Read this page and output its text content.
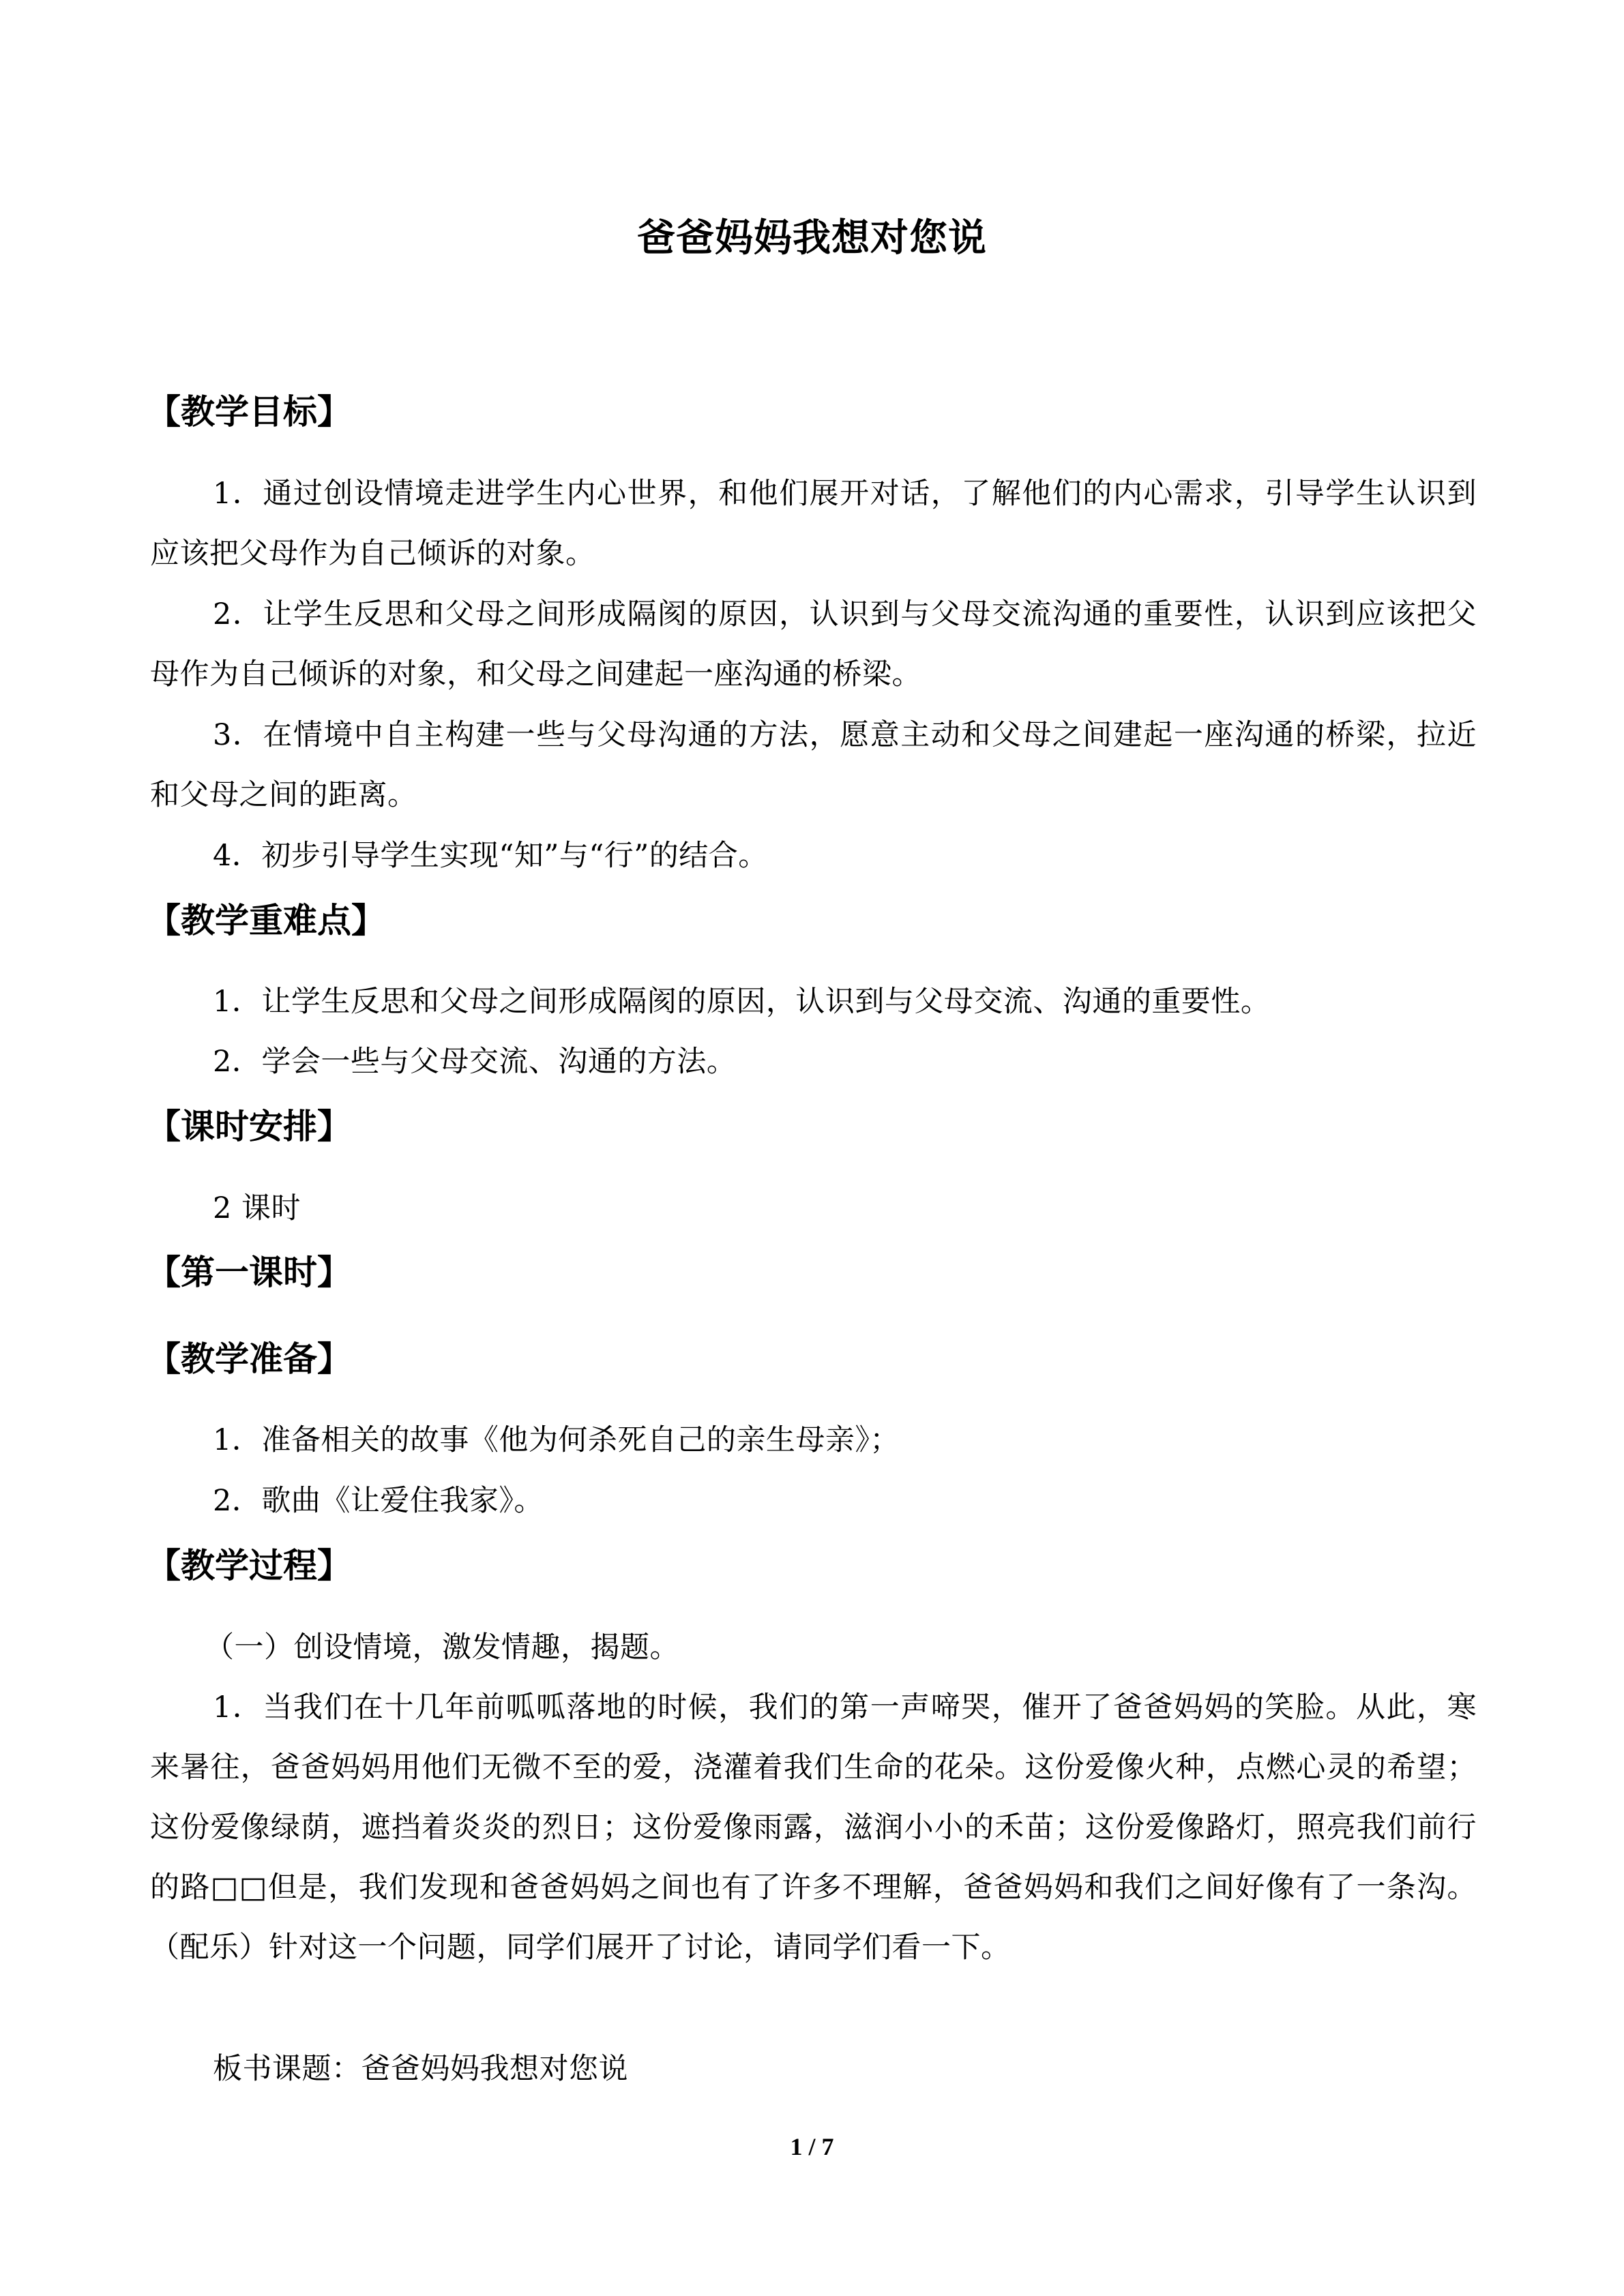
爸爸妈妈我想对您说
【教学目标】
1．通过创设情境走进学生内心世界，和他们展开对话，了解他们的内心需求，引导学生认识到应该把父母作为自己倾诉的对象。
2．让学生反思和父母之间形成隔阂的原因，认识到与父母交流沟通的重要性，认识到应该把父母作为自己倾诉的对象，和父母之间建起一座沟通的桥梁。
3．在情境中自主构建一些与父母沟通的方法，愿意主动和父母之间建起一座沟通的桥梁，拉近和父母之间的距离。
4．初步引导学生实现“知”与“行”的结合。
【教学重难点】
1．让学生反思和父母之间形成隔阂的原因，认识到与父母交流、沟通的重要性。
2．学会一些与父母交流、沟通的方法。
【课时安排】
2 课时
【第一课时】
【教学准备】
1．准备相关的故事《他为何杀死自己的亲生母亲》；
2．歌曲《让爱住我家》。
【教学过程】
（一）创设情境，激发情趣，揭题。
1．当我们在十几年前呱呱落地的时候，我们的第一声啼哭，催开了爸爸妈妈的笑脸。从此，寒来暑往，爸爸妈妈用他们无微不至的爱，浇灌着我们生命的花朵。这份爱像火种，点燃心灵的希望；这份爱像绿荫，遮挡着炎炎的烈日；这份爱像雨露，滋润小小的禾苗；这份爱像路灯，照亮我们前行的路□□但是，我们发现和爸爸妈妈之间也有了许多不理解，爸爸妈妈和我们之间好像有了一条沟。（配乐）针对这一个问题，同学们展开了讨论，请同学们看一下。
板书课题：爸爸妈妈我想对您说
1 / 7
